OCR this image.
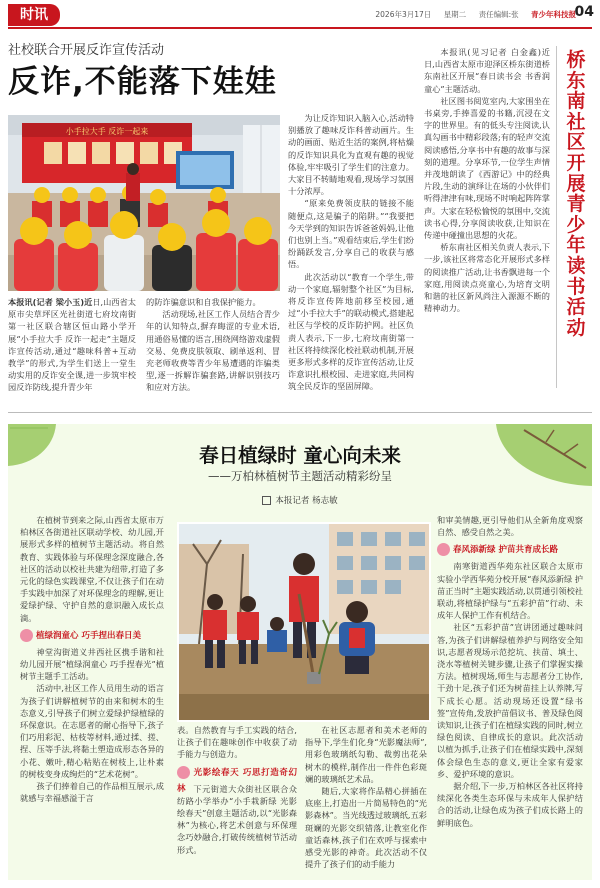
时讯	2026年3月17日 星期二 责任编辑:张 青少年科技报
04
社校联合开展反诈宣传活动
反诈,不能落下娃娃
小手拉大手 反诈一起来

本报讯(记者 梁小玉)近日,山西省太原市尖草坪区光社街道七府坟南街第一社区联合辖区恒山路小学开展“小手拉大手 反诈一起走”主题反诈宣传活动,通过“趣味科普+互动教学”的形式,为学生们送上一堂生动实用的反诈安全课,进一步筑牢校园反诈防线,提升青少年

的防诈骗意识和自我保护能力。

活动现场,社区工作人员结合青少年的认知特点,摒弃晦涩的专业术语,用通俗易懂的语言,围绕网络游戏虚假交易、免费皮肤领取、刷单返利、冒充老师收费等青少年易遭遇的诈骗类型,逐一拆解诈骗套路,讲解识别技巧和应对方法。

为让反诈知识入脑入心,活动特别播放了趣味反诈科普动画片。生动的画面、贴近生活的案例,将枯燥的反诈知识具化为直观有趣的视觉体验,牢牢吸引了学生们的注意力。大家目不转睛地观看,现场学习氛围十分浓厚。

“原来免费领皮肤的链接不能随便点,这是骗子的陷阱。”“我要把今天学到的知识告诉爸爸妈妈,让他们也别上当。”观看结束后,学生们纷纷踊跃发言,分享自己的收获与感悟。

此次活动以“教育一个学生,带动一个家庭,辐射整个社区”为目标,将反诈宣传阵地前移至校园,通过“小手拉大手”的联动模式,搭建起社区与学校的反诈防护网。社区负责人表示,下一步,七府坟南街第一社区将持续深化校社联动机制,开展更多形式多样的反诈宣传活动,让反诈意识扎根校园、走进家庭,共同构筑全民反诈的坚固屏障。

本报讯(见习记者 白金鑫)近日,山西省太原市迎泽区桥东街道桥东南社区开展“春日读书会 书香润童心”主题活动。

社区图书阅览室内,大家围坐在书桌旁,手捧喜爱的书籍,沉浸在文字的世界里。有的低头专注阅读,认真勾画书中精彩段落;有的轻声交流阅读感悟,分享书中有趣的故事与深刻的道理。分享环节,一位学生声情并茂地朗读了《西游记》中的经典片段,生动的演绎让在场的小伙伴们听得津津有味,现场不时响起阵阵掌声。大家在轻松愉悦的氛围中,交流读书心得,分享阅读收获,让知识在传递中碰撞出思想的火花。

桥东南社区相关负责人表示,下一步,该社区将常态化开展形式多样的阅读推广活动,让书香飘进每一个家庭,用阅读点亮童心,为培育文明和谐的社区新风尚注入源源不断的精神动力。

桥东南社区开展青少年读书活动
春日植绿时 童心向未来
——万柏林植树节主题活动精彩纷呈
本报记者 杨志敏

在植树节到来之际,山西省太原市万柏林区各街道社区联动学校、幼儿园,开展形式多样的植树节主题活动。将自然教育、实践体验与环保理念深度融合,各社区的活动以校社共建为纽带,打造了多元化的绿色实践课堂,不仅让孩子们在动手实践中加深了对环保理念的理解,更让爱绿护绿、守护自然的意识融入成长点滴。

植绿润童心 巧手捏出春日美

神堂沟街道义井西社区携手谐和社幼儿园开展“植绿润童心 巧手捏春光”植树节主题手工活动。

活动中,社区工作人员用生动的语言为孩子们讲解植树节的由来和树木的生态意义,引导孩子们树立爱绿护绿植绿的环保意识。在志愿者的耐心指导下,孩子们巧用彩泥、枯枝等材料,通过揉、搓、捏、压等手法,将黏土塑造成形态各异的小花、嫩叶,精心粘贴在树枝上,让朴素的树枝变身成绚烂的“艺术花树”。

孩子们捧着自己的作品相互展示,成就感与幸福感溢于言

表。自然教育与手工实践的结合,让孩子们在趣味创作中收获了动手能力与创造力。

光影绘春天 巧思打造奇幻林 下元街道大众街社区联合众纺路小学举办“小手栽新绿 光影绘春天”创意主题活动,以“光影森林”为核心,将艺术创意与环保理念巧妙融合,打破传统植树节活动形式。

在社区志愿者和美术老师的指导下,学生们化身“光影魔法师”,用彩色玻璃纸勾勒、裁剪出花朵树木的模样,制作出一件件色彩斑斓的玻璃纸艺术品。

随后,大家将作品精心拼插在底座上,打造出一片简易特色的“光影森林”。当光线透过玻璃纸,五彩斑斓的光影交织错落,让教室化作童话森林,孩子们在欢呼与探索中感受光影的神奇。此次活动不仅提升了孩子们的动手能力

和审美情趣,更引导他们从全新角度观察自然、感受自然之美。

春风添新绿 护苗共育成长路

南寒街道西华苑东社区联合太原市实验小学西华苑分校开展“春风添新绿 护苗正当时”主题实践活动,以贯通引领校社联动,将植绿护绿与“五彩护苗”行动、未成年人保护工作有机结合。

社区“五彩护苗”宣讲团通过趣味问答,为孩子们讲解绿植养护与网络安全知识,志愿者现场示范挖坑、扶苗、填土、浇水等植树关键步骤,让孩子们掌握实操方法。植树现场,师生与志愿者分工协作,干劲十足,孩子们还为树苗挂上认养牌,写下成长心愿。活动现场还设置“绿书签”宣传角,发放护苗倡议书、普及绿色阅读知识,让孩子们在植绿实践的同时,树立绿色阅读、自律成长的意识。此次活动以植为抓手,让孩子们在植绿实践中,深刻体会绿色生态的意义,更让全家有爱家乡、爱护环境的意识。

据介绍,下一步,万柏林区各社区将持续深化各类生态环保与未成年人保护结合的活动,让绿色成为孩子们成长路上的鲜明底色。
